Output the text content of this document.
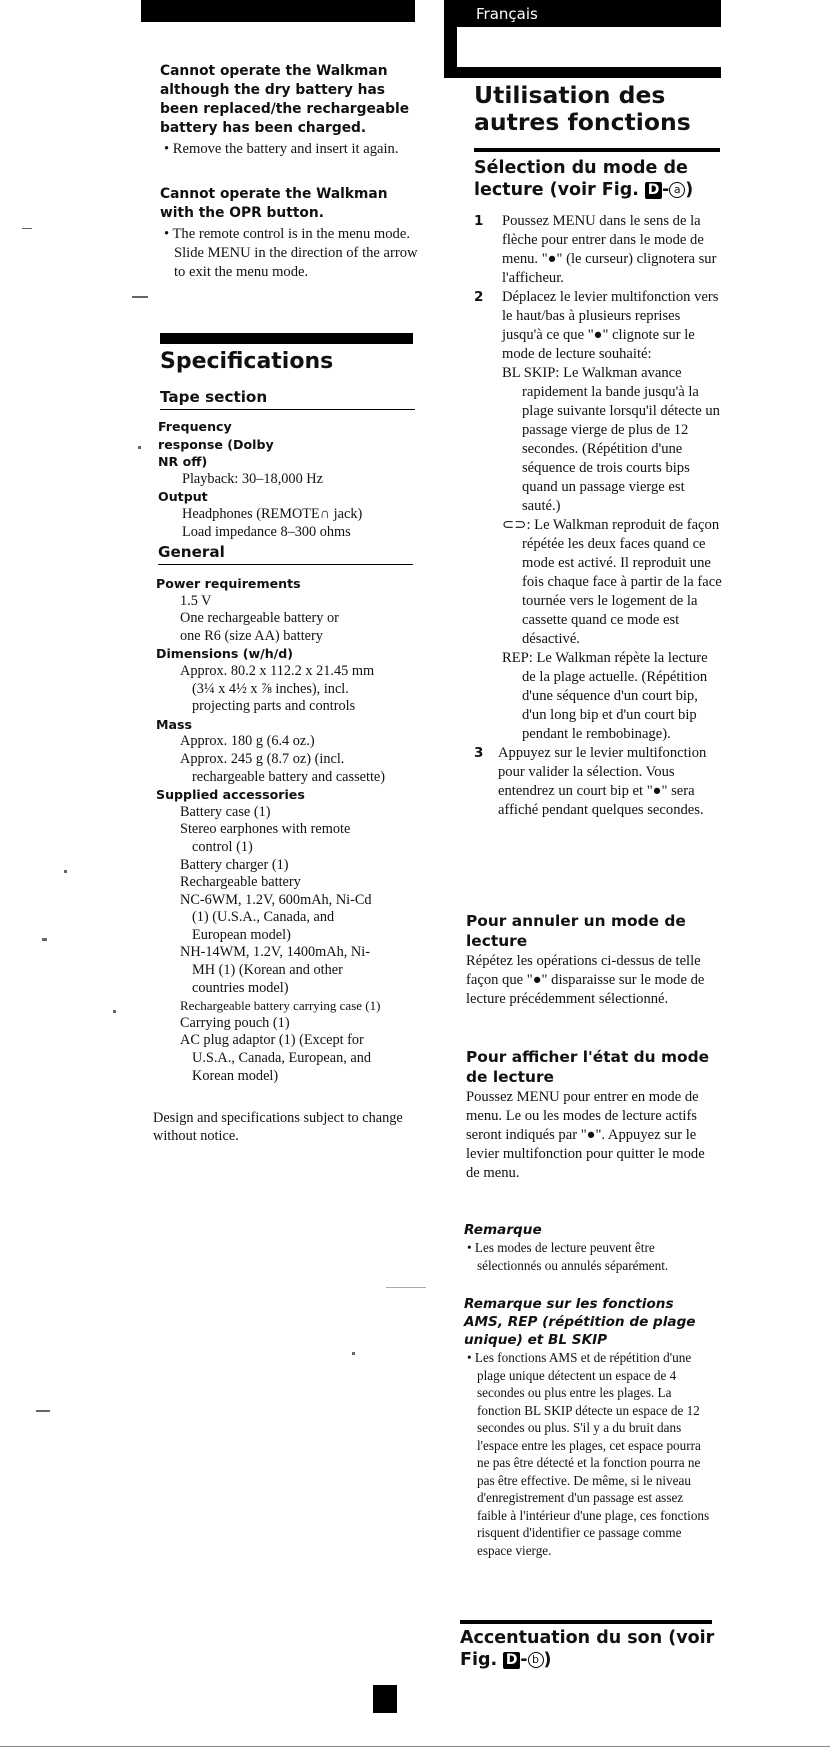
Cannot operate the Walkman although the dry battery has been replaced/the rechargeable battery has been charged.

• Remove the battery and insert it again.

Cannot operate the Walkman with the OPR button.

• The remote control is in the menu mode. Slide MENU in the direction of the arrow to exit the menu mode.

Specifications
Tape section
Frequency response (Dolby NR off)
Playback: 30–18,000 Hz
Output
Headphones (REMOTE∩ jack)
Load impedance 8–300 ohms
General
Power requirements
1.5 V
One rechargeable battery or
one R6 (size AA) battery
Dimensions (w/h/d)
Approx. 80.2 x 112.2 x 21.45 mm
(3¼ x 4½ x ⅞ inches), incl.
projecting parts and controls
Mass
Approx. 180 g (6.4 oz.)
Approx. 245 g (8.7 oz) (incl.
rechargeable battery and cassette)
Supplied accessories
Battery case (1)
Stereo earphones with remote
control (1)
Battery charger (1)
Rechargeable battery
NC-6WM, 1.2V, 600mAh, Ni-Cd
(1) (U.S.A., Canada, and
European model)
NH-14WM, 1.2V, 1400mAh, Ni-
MH (1) (Korean and other
countries model)
Rechargeable battery carrying case (1)
Carrying pouch (1)
AC plug adaptor (1) (Except for
U.S.A., Canada, European, and
Korean model)
Design and specifications subject to change without notice.
Français
Utilisation des autres fonctions
Sélection du mode de lecture (voir Fig. D - a )
1 Poussez MENU dans le sens de la flèche pour entrer dans le mode de menu. "●" (le curseur) clignotera sur l'afficheur.
2 Déplacez le levier multifonction vers le haut/bas à plusieurs reprises jusqu'à ce que "●" clignote sur le mode de lecture souhaité:
BL SKIP: Le Walkman avance rapidement la bande jusqu'à la plage suivante lorsqu'il détecte un passage vierge de plus de 12 secondes. (Répétition d'une séquence de trois courts bips quand un passage vierge est sauté.)
⊂⊃: Le Walkman reproduit de façon répétée les deux faces quand ce mode est activé. Il reproduit une fois chaque face à partir de la face tournée vers le logement de la cassette quand ce mode est désactivé.
REP: Le Walkman répète la lecture de la plage actuelle. (Répétition d'une séquence d'un court bip, d'un long bip et d'un court bip pendant le rembobinage).
3 Appuyez sur le levier multifonction pour valider la sélection. Vous entendrez un court bip et "●" sera affiché pendant quelques secondes.
Pour annuler un mode de lecture
Répétez les opérations ci-dessus de telle façon que "●" disparaisse sur le mode de lecture précédemment sélectionné.
Pour afficher l'état du mode de lecture
Poussez MENU pour entrer en mode de menu. Le ou les modes de lecture actifs seront indiqués par "●". Appuyez sur le levier multifonction pour quitter le mode de menu.
Remarque
• Les modes de lecture peuvent être sélectionnés ou annulés séparément.
Remarque sur les fonctions AMS, REP (répétition de plage unique) et BL SKIP
• Les fonctions AMS et de répétition d'une plage unique détectent un espace de 4 secondes ou plus entre les plages. La fonction BL SKIP détecte un espace de 12 secondes ou plus. S'il y a du bruit dans l'espace entre les plages, cet espace pourra ne pas être détecté et la fonction pourra ne pas être effective. De même, si le niveau d'enregistrement d'un passage est assez faible à l'intérieur d'une plage, ces fonctions risquent d'identifier ce passage comme espace vierge.
Accentuation du son (voir Fig. D - b )
